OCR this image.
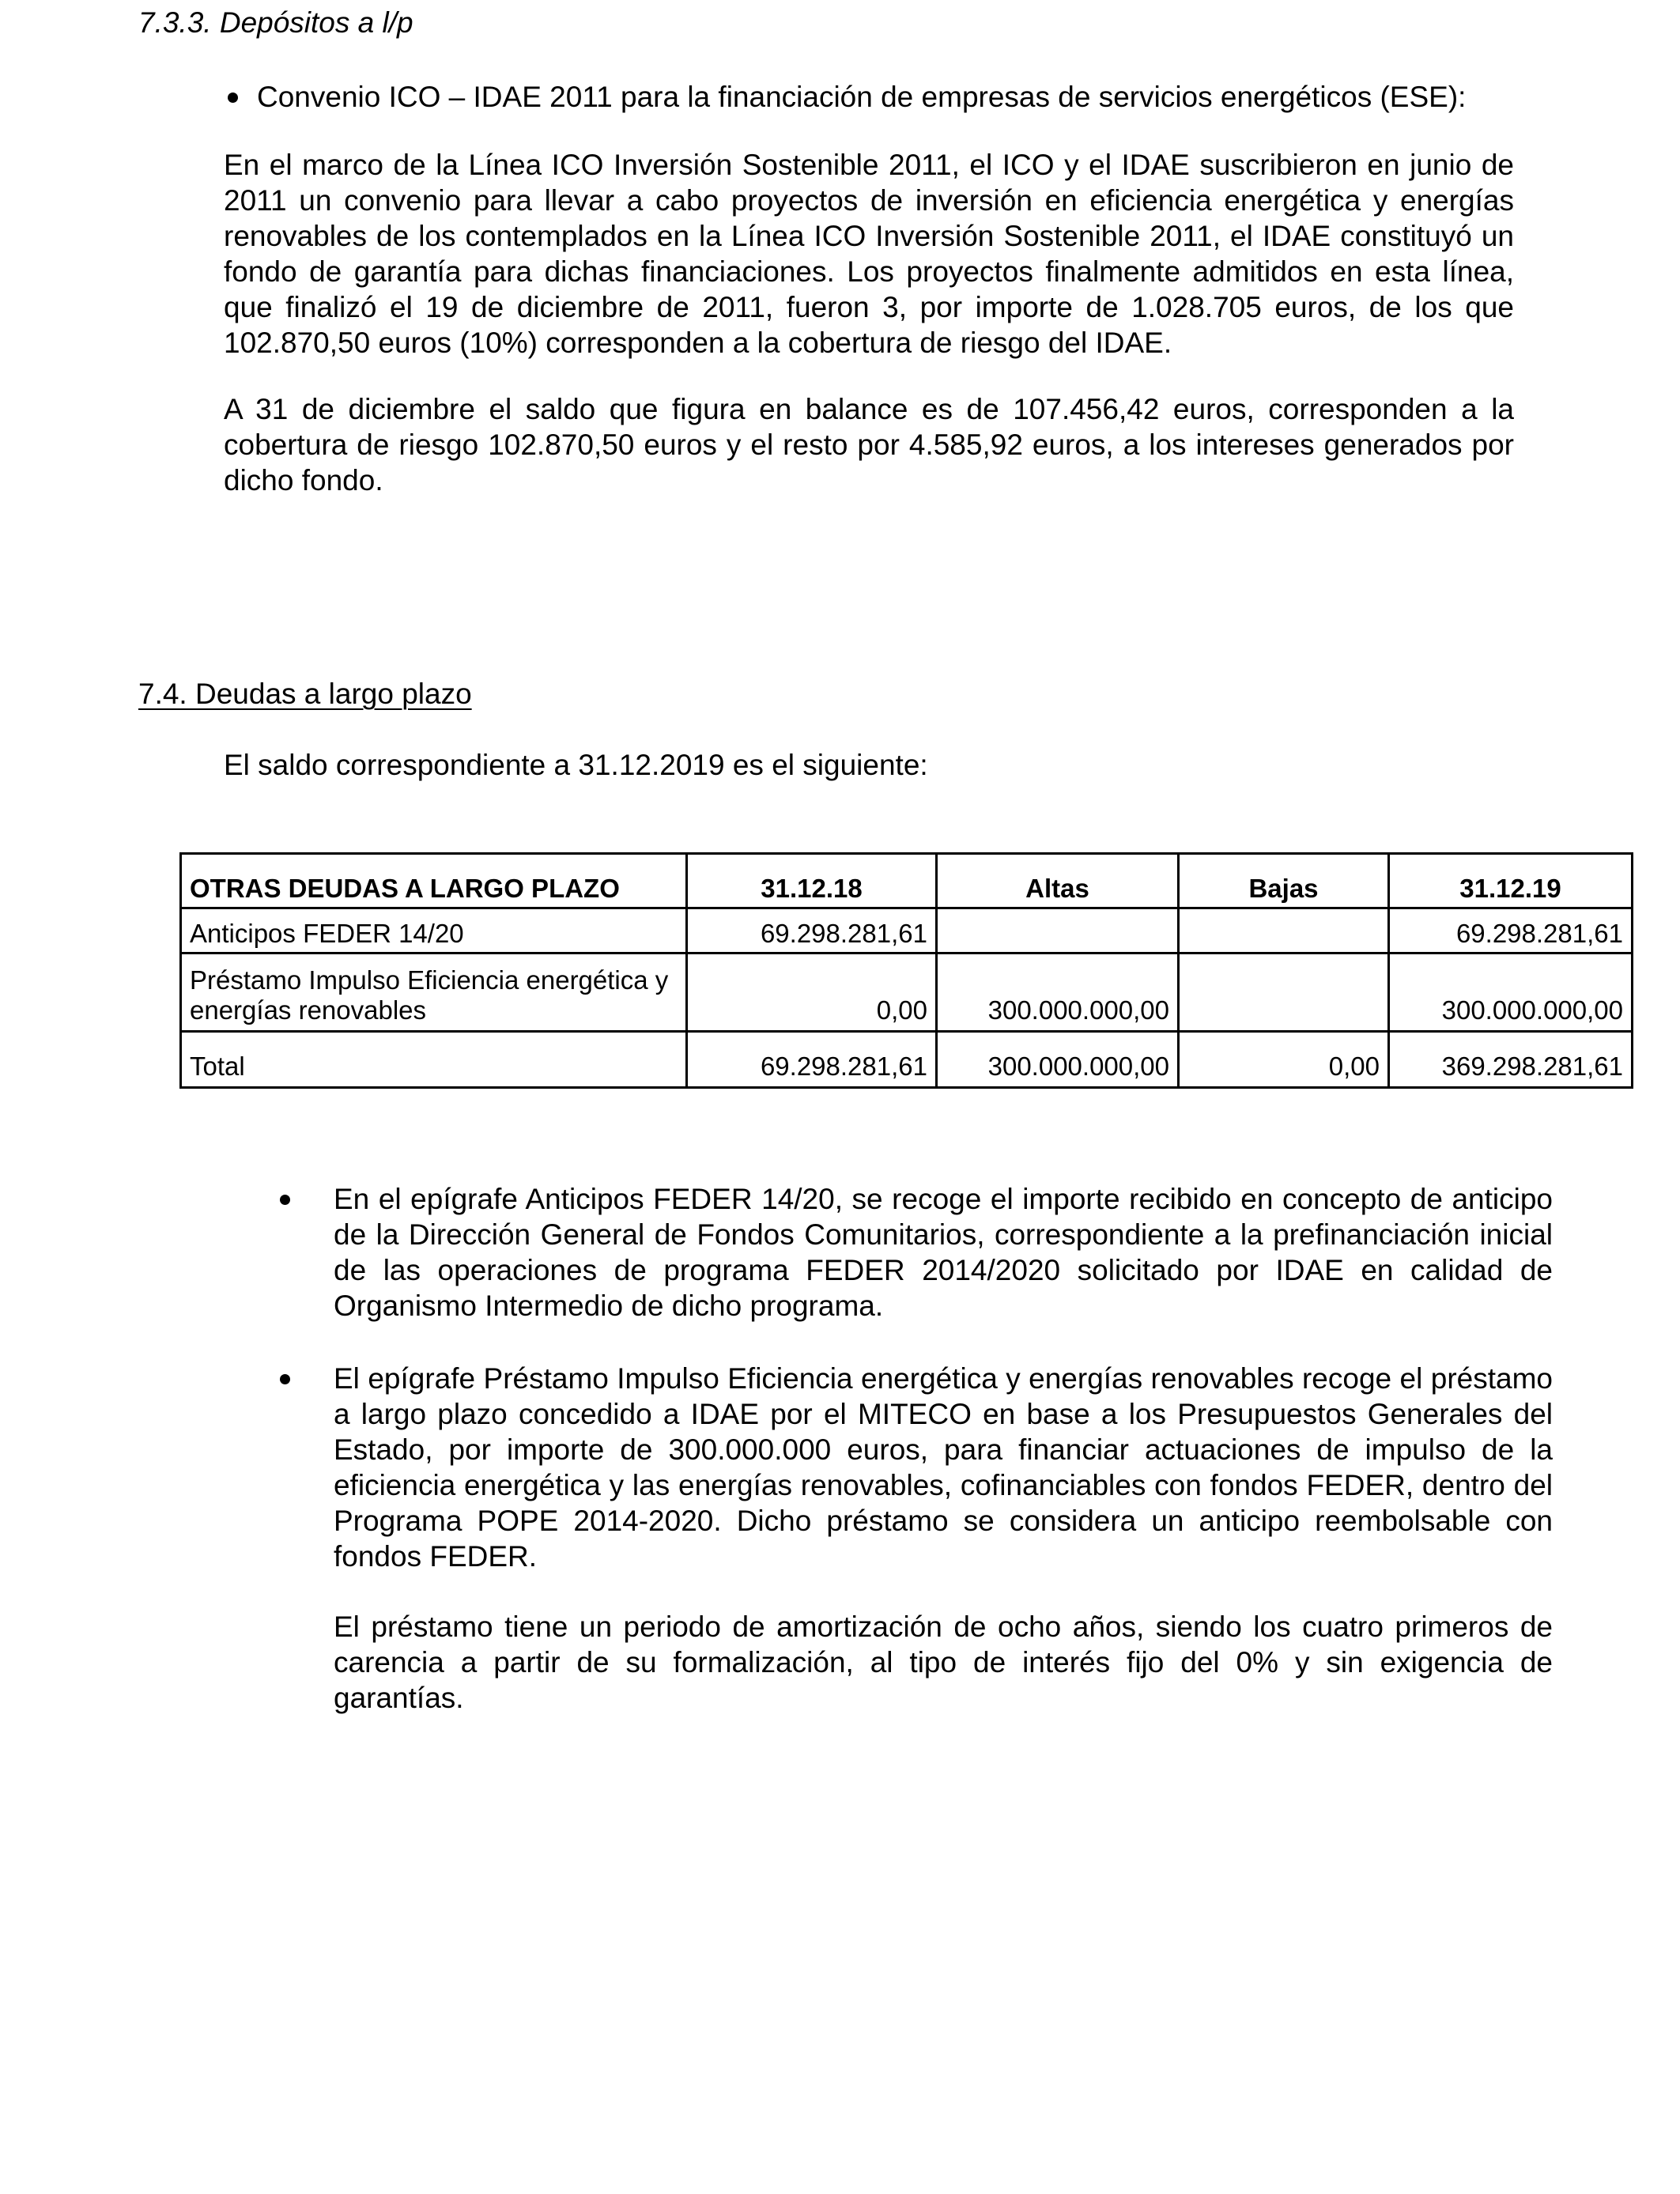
7.3.3. Depósitos a l/p
Convenio ICO – IDAE 2011 para la financiación de empresas de servicios energéticos (ESE):
En el marco de la Línea ICO Inversión Sostenible 2011, el ICO y el IDAE suscribieron en junio de 2011 un convenio para llevar a cabo proyectos de inversión en eficiencia energética y energías renovables de los contemplados en la Línea ICO Inversión Sostenible 2011, el IDAE constituyó un fondo de garantía para dichas financiaciones. Los proyectos finalmente admitidos en esta línea, que finalizó el 19 de diciembre de 2011, fueron 3, por importe de 1.028.705 euros, de los que 102.870,50 euros (10%) corresponden a la cobertura de riesgo del IDAE.
A 31 de diciembre el saldo que figura en balance es de 107.456,42 euros, corresponden a la cobertura de riesgo 102.870,50 euros y el resto por 4.585,92 euros, a los intereses generados por dicho fondo.
7.4. Deudas a largo plazo
El saldo correspondiente a 31.12.2019 es el siguiente:
OTRAS DEUDAS A LARGO PLAZO	31.12.18	Altas	Bajas	31.12.19
Anticipos FEDER 14/20	69.298.281,61			69.298.281,61
Préstamo Impulso Eficiencia energética y energías renovables	0,00	300.000.000,00		300.000.000,00
Total	69.298.281,61	300.000.000,00	0,00	369.298.281,61
En el epígrafe Anticipos FEDER 14/20, se recoge el importe recibido en concepto de anticipo de la Dirección General de Fondos Comunitarios, correspondiente a la prefinanciación inicial de las operaciones de programa FEDER 2014/2020 solicitado por IDAE en calidad de Organismo Intermedio de dicho programa.
El epígrafe Préstamo Impulso Eficiencia energética y energías renovables recoge el préstamo a largo plazo concedido a IDAE por el MITECO en base a los Presupuestos Generales del Estado, por importe de 300.000.000 euros, para financiar actuaciones de impulso de la eficiencia energética y las energías renovables, cofinanciables con fondos FEDER, dentro del Programa POPE 2014-2020. Dicho préstamo se considera un anticipo reembolsable con fondos FEDER.
El préstamo tiene un periodo de amortización de ocho años, siendo los cuatro primeros de carencia a partir de su formalización, al tipo de interés fijo del 0% y sin exigencia de garantías.
